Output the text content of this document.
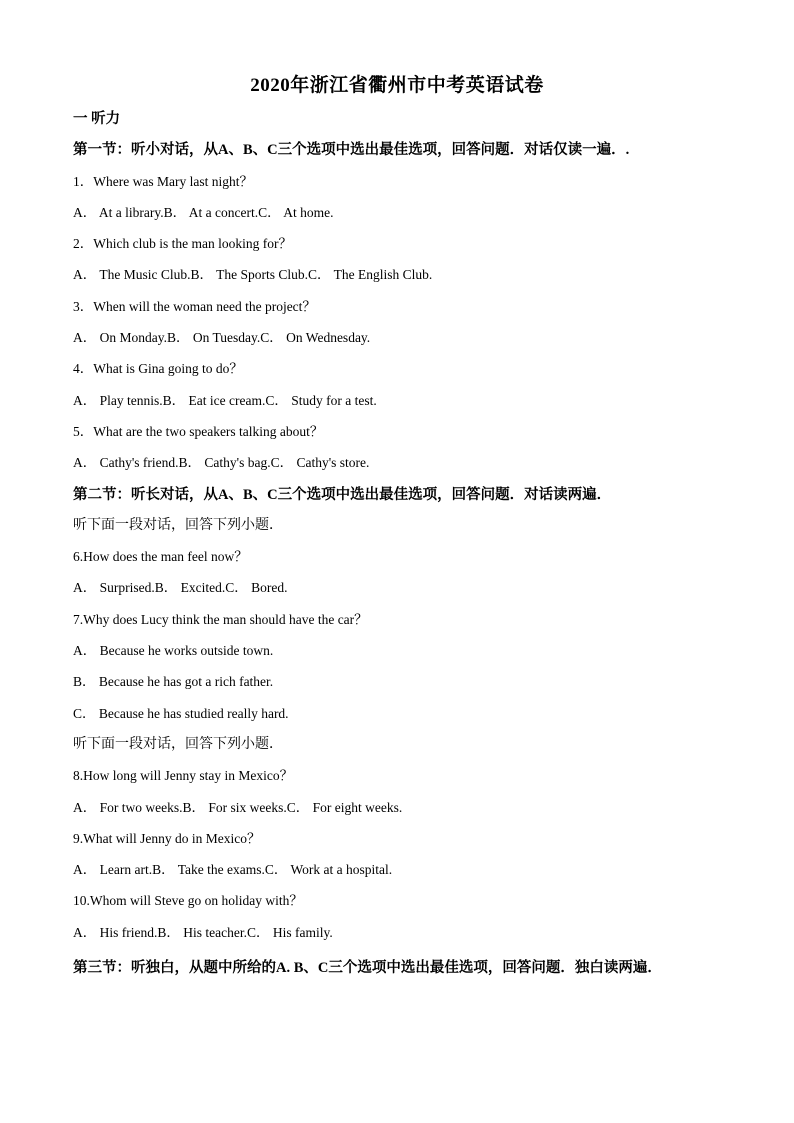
2020年浙江省衢州市中考英语试卷
一 听力
第一节：听小对话，从A、B、C三个选项中选出最佳选项，回答问题．对话仅读一遍．.
1．Where was Mary last night？
A． At a library.B． At a concert.C． At home.
2．Which club is the man looking for？
A． The Music Club.B． The Sports Club.C． The English Club.
3．When will the woman need the project？
A． On Monday.B． On Tuesday.C． On Wednesday.
4．What is Gina going to do？
A． Play tennis.B． Eat ice cream.C． Study for a test.
5．What are the two speakers talking about？
A． Cathy's friend.B． Cathy's bag.C． Cathy's store.
第二节：听长对话，从A、B、C三个选项中选出最佳选项，回答问题．对话读两遍．
听下面一段对话，回答下列小题．
6.How does the man feel now？
A． Surprised.B． Excited.C． Bored.
7.Why does Lucy think the man should have the car？
A． Because he works outside town.
B． Because he has got a rich father.
C． Because he has studied really hard.
听下面一段对话，回答下列小题．
8.How long will Jenny stay in Mexico？
A． For two weeks.B． For six weeks.C． For eight weeks.
9.What will Jenny do in Mexico？
A． Learn art.B． Take the exams.C． Work at a hospital.
10.Whom will Steve go on holiday with？
A． His friend.B． His teacher.C． His family.
第三节：听独白，从题中所给的A. B、C三个选项中选出最佳选项，回答问题．独白读两遍．
